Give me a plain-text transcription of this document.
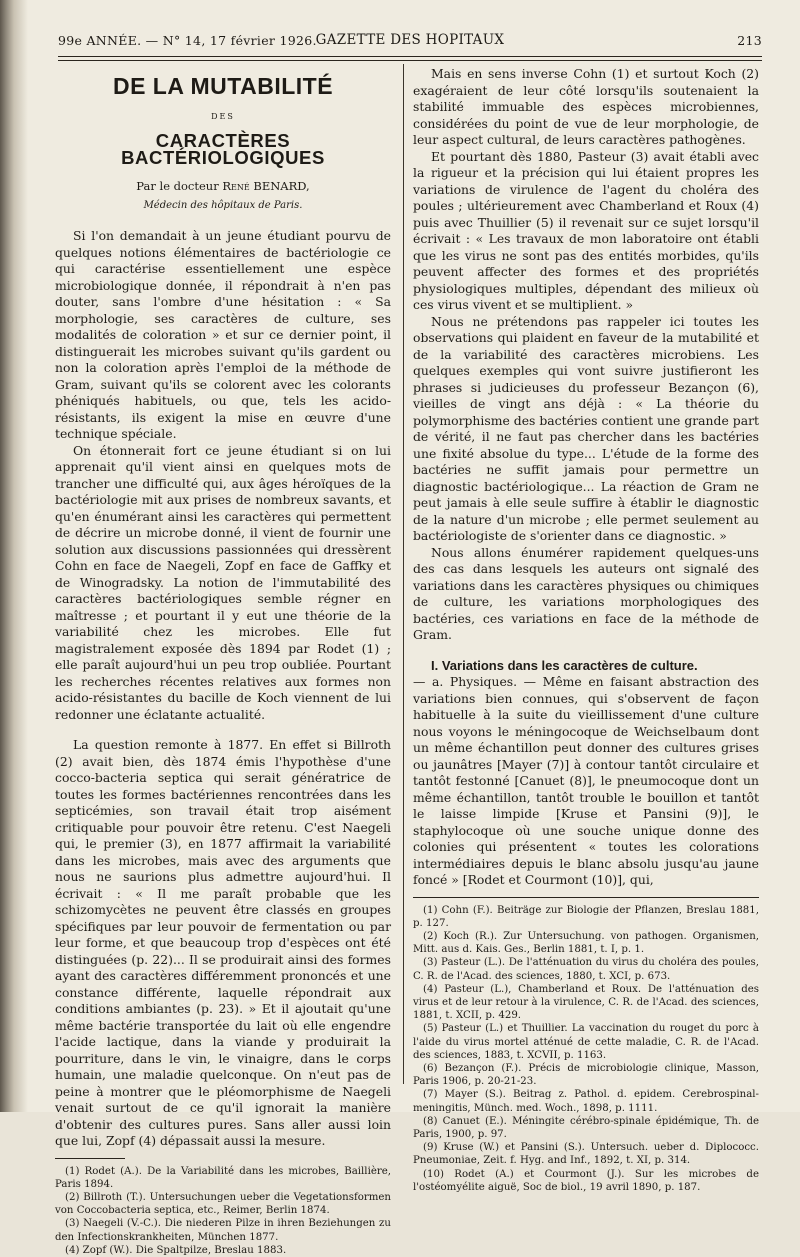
99e ANNÉE. — N° 14, 17 février 1926.
GAZETTE DES HOPITAUX	213
DE LA MUTABILITÉ
DES
CARACTÈRES BACTÉRIOLOGIQUES
Par le docteur René BENARD,
Médecin des hôpitaux de Paris.

Si l'on demandait à un jeune étudiant pourvu de quelques notions élémentaires de bactériologie ce qui caractérise essentiellement une espèce microbiologique donnée, il répondrait à n'en pas douter, sans l'ombre d'une hésitation : « Sa morphologie, ses caractères de culture, ses modalités de coloration » et sur ce dernier point, il distinguerait les microbes suivant qu'ils gardent ou non la coloration après l'emploi de la méthode de Gram, suivant qu'ils se colorent avec les colorants phéniqués habituels, ou que, tels les acido-résistants, ils exigent la mise en œuvre d'une technique spéciale.

On étonnerait fort ce jeune étudiant si on lui apprenait qu'il vient ainsi en quelques mots de trancher une difficulté qui, aux âges héroïques de la bactériologie mit aux prises de nombreux savants, et qu'en énumérant ainsi les caractères qui permettent de décrire un microbe donné, il vient de fournir une solution aux discussions passionnées qui dressèrent Cohn en face de Naegeli, Zopf en face de Gaffky et de Winogradsky. La notion de l'immutabilité des caractères bactériologiques semble régner en maîtresse ; et pourtant il y eut une théorie de la variabilité chez les microbes. Elle fut magistralement exposée dès 1894 par Rodet (1) ; elle paraît aujourd'hui un peu trop oubliée. Pourtant les recherches récentes relatives aux formes non acido-résistantes du bacille de Koch viennent de lui redonner une éclatante actualité.

La question remonte à 1877. En effet si Billroth (2) avait bien, dès 1874 émis l'hypothèse d'une cocco-bacteria septica qui serait génératrice de toutes les formes bactériennes rencontrées dans les septicémies, son travail était trop aisément critiquable pour pouvoir être retenu. C'est Naegeli qui, le premier (3), en 1877 affirmait la variabilité dans les microbes, mais avec des arguments que nous ne saurions plus admettre aujourd'hui. Il écrivait : « Il me paraît probable que les schizomycètes ne peuvent être classés en groupes spécifiques par leur pouvoir de fermentation ou par leur forme, et que beaucoup trop d'espèces ont été distinguées (p. 22)... Il se produirait ainsi des formes ayant des caractères différemment prononcés et une constance différente, laquelle répondrait aux conditions ambiantes (p. 23). » Et il ajoutait qu'une même bactérie transportée du lait où elle engendre l'acide lactique, dans la viande y produirait la pourriture, dans le vin, le vinaigre, dans le corps humain, une maladie quelconque. On n'eut pas de peine à montrer que le pléomorphisme de Naegeli venait surtout de ce qu'il ignorait la manière d'obtenir des cultures pures. Sans aller aussi loin que lui, Zopf (4) dépassait aussi la mesure.

(1) Rodet (A.). De la Variabilité dans les microbes, Baillière, Paris 1894.

(2) Billroth (T.). Untersuchungen ueber die Vegetationsformen von Coccobacteria septica, etc., Reimer, Berlin 1874.

(3) Naegeli (V.-C.). Die niederen Pilze in ihren Beziehungen zu den Infectionskrankheiten, München 1877.

(4) Zopf (W.). Die Spaltpilze, Breslau 1883.

Mais en sens inverse Cohn (1) et surtout Koch (2) exagéraient de leur côté lorsqu'ils soutenaient la stabilité immuable des espèces microbiennes, considérées du point de vue de leur morphologie, de leur aspect cultural, de leurs caractères pathogènes.

Et pourtant dès 1880, Pasteur (3) avait établi avec la rigueur et la précision qui lui étaient propres les variations de virulence de l'agent du choléra des poules ; ultérieurement avec Chamberland et Roux (4) puis avec Thuillier (5) il revenait sur ce sujet lorsqu'il écrivait : « Les travaux de mon laboratoire ont établi que les virus ne sont pas des entités morbides, qu'ils peuvent affecter des formes et des propriétés physiologiques multiples, dépendant des milieux où ces virus vivent et se multiplient. »

Nous ne prétendons pas rappeler ici toutes les observations qui plaident en faveur de la mutabilité et de la variabilité des caractères microbiens. Les quelques exemples qui vont suivre justifieront les phrases si judicieuses du professeur Bezançon (6), vieilles de vingt ans déjà : « La théorie du polymorphisme des bactéries contient une grande part de vérité, il ne faut pas chercher dans les bactéries une fixité absolue du type... L'étude de la forme des bactéries ne suffit jamais pour permettre un diagnostic bactériologique... La réaction de Gram ne peut jamais à elle seule suffire à établir le diagnostic de la nature d'un microbe ; elle permet seulement au bactériologiste de s'orienter dans ce diagnostic. »

Nous allons énumérer rapidement quelques-uns des cas dans lesquels les auteurs ont signalé des variations dans les caractères physiques ou chimiques de culture, les variations morphologiques des bactéries, ces variations en face de la méthode de Gram.

I. Variations dans les caractères de culture.

— a. Physiques. — Même en faisant abstraction des variations bien connues, qui s'observent de façon habituelle à la suite du vieillissement d'une culture nous voyons le méningocoque de Weichselbaum dont un même échantillon peut donner des cultures grises ou jaunâtres [Mayer (7)] à contour tantôt circulaire et tantôt festonné [Canuet (8)], le pneumocoque dont un même échantillon, tantôt trouble le bouillon et tantôt le laisse limpide [Kruse et Pansini (9)], le staphylocoque où une souche unique donne des colonies qui présentent « toutes les colorations intermédiaires depuis le blanc absolu jusqu'au jaune foncé » [Rodet et Courmont (10)], qui,

(1) Cohn (F.). Beiträge zur Biologie der Pflanzen, Breslau 1881, p. 127.

(2) Koch (R.). Zur Untersuchung. von pathogen. Organismen, Mitt. aus d. Kais. Ges., Berlin 1881, t. I, p. 1.

(3) Pasteur (L.). De l'atténuation du virus du choléra des poules, C. R. de l'Acad. des sciences, 1880, t. XCI, p. 673.

(4) Pasteur (L.), Chamberland et Roux. De l'atténuation des virus et de leur retour à la virulence, C. R. de l'Acad. des sciences, 1881, t. XCII, p. 429.

(5) Pasteur (L.) et Thuillier. La vaccination du rouget du porc à l'aide du virus mortel atténué de cette maladie, C. R. de l'Acad. des sciences, 1883, t. XCVII, p. 1163.

(6) Bezançon (F.). Précis de microbiologie clinique, Masson, Paris 1906, p. 20-21-23.

(7) Mayer (S.). Beitrag z. Pathol. d. epidem. Cerebrospinal-meningitis, Münch. med. Woch., 1898, p. 1111.

(8) Canuet (E.). Méningite cérébro-spinale épidémique, Th. de Paris, 1900, p. 97.

(9) Kruse (W.) et Pansini (S.). Untersuch. ueber d. Diplococc. Pneumoniae, Zeit. f. Hyg. and Inf., 1892, t. XI, p. 314.

(10) Rodet (A.) et Courmont (J.). Sur les microbes de l'ostéomyélite aiguë, Soc de biol., 19 avril 1890, p. 187.
